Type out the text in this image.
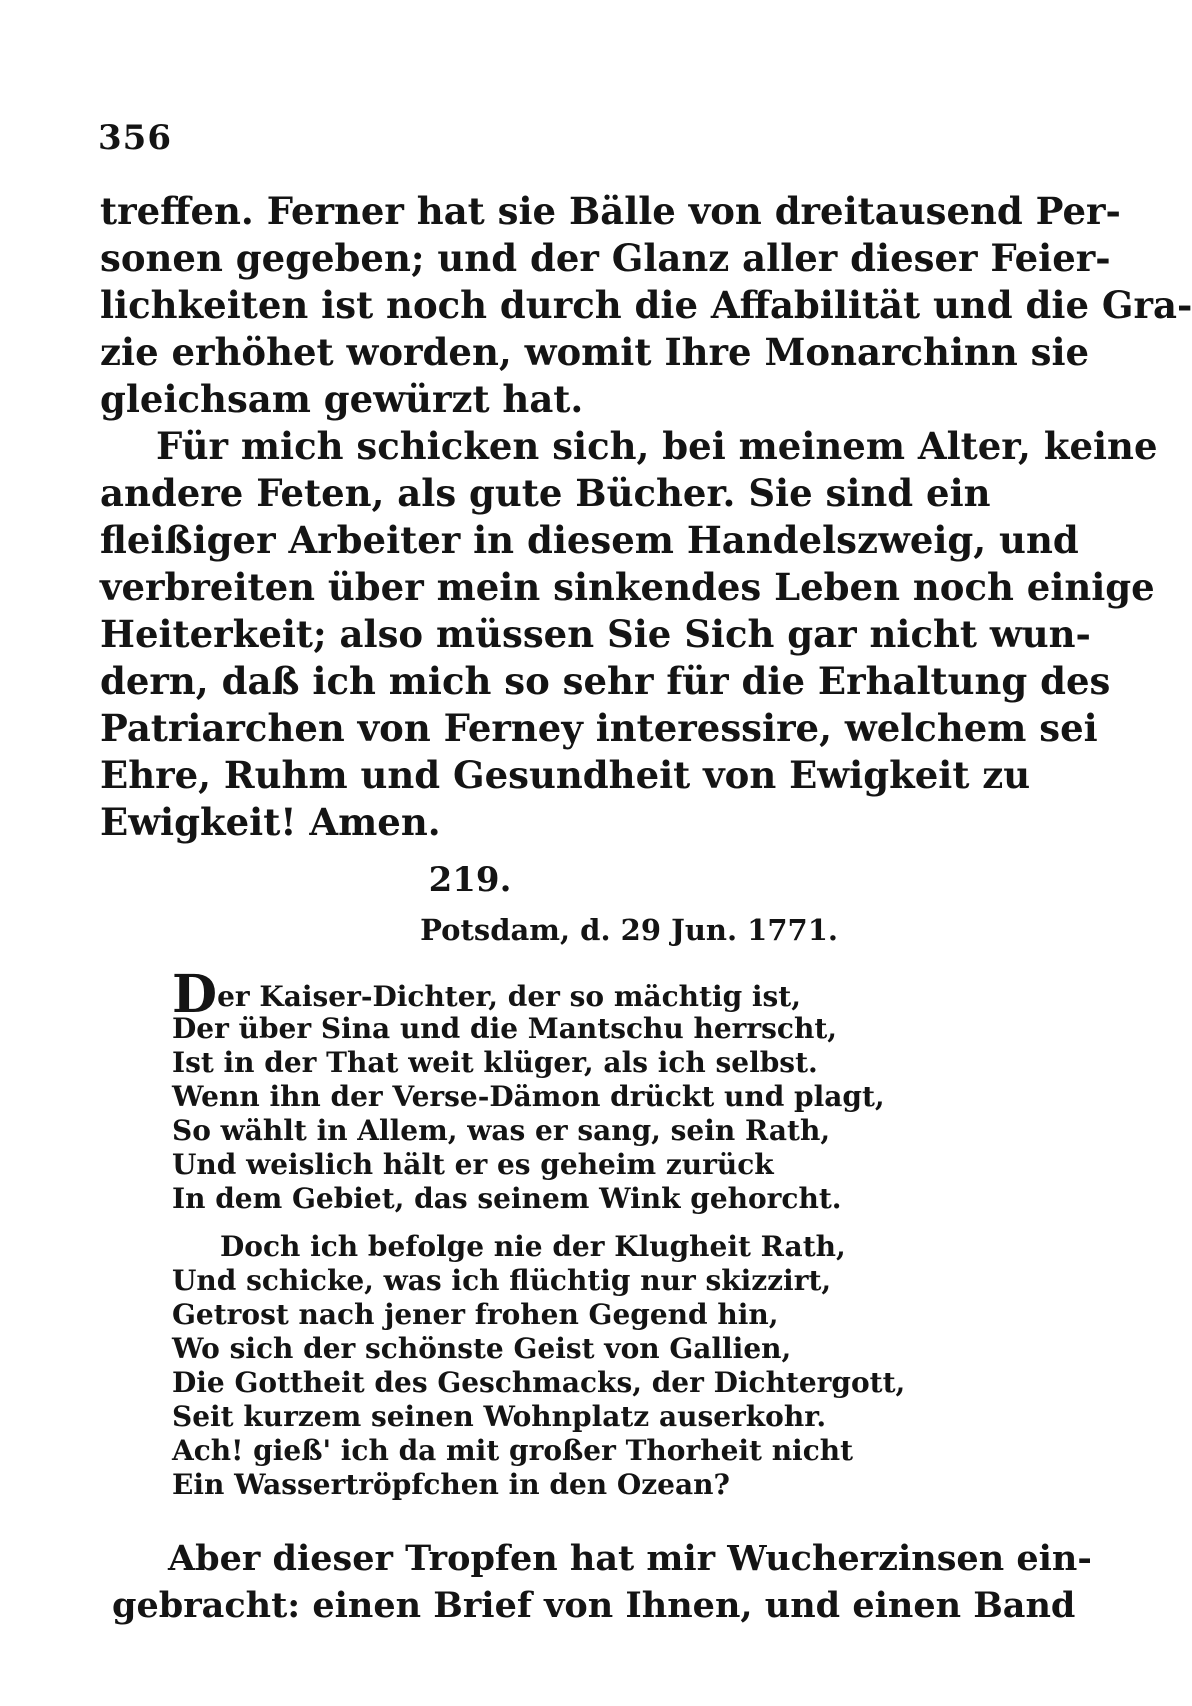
356
treffen. Ferner hat sie Bälle von dreitausend Per-
sonen gegeben; und der Glanz aller dieser Feier-
lichkeiten ist noch durch die Affabilität und die Gra-
zie erhöhet worden, womit Ihre Monarchinn sie
gleichsam gewürzt hat.
Für mich schicken sich, bei meinem Alter, keine
andere Feten, als gute Bücher. Sie sind ein
fleißiger Arbeiter in diesem Handelszweig, und
verbreiten über mein sinkendes Leben noch einige
Heiterkeit; also müssen Sie Sich gar nicht wun-
dern, daß ich mich so sehr für die Erhaltung des
Patriarchen von Ferney interessire, welchem sei
Ehre, Ruhm und Gesundheit von Ewigkeit zu
Ewigkeit! Amen.
219.
Potsdam, d. 29 Jun. 1771.
Der Kaiser-Dichter, der so mächtig ist,
Der über Sina und die Mantschu herrscht,
Ist in der That weit klüger, als ich selbst.
Wenn ihn der Verse-Dämon drückt und plagt,
So wählt in Allem, was er sang, sein Rath,
Und weislich hält er es geheim zurück
In dem Gebiet, das seinem Wink gehorcht.
Doch ich befolge nie der Klugheit Rath,
Und schicke, was ich flüchtig nur skizzirt,
Getrost nach jener frohen Gegend hin,
Wo sich der schönste Geist von Gallien,
Die Gottheit des Geschmacks, der Dichtergott,
Seit kurzem seinen Wohnplatz auserkohr.
Ach! gieß' ich da mit großer Thorheit nicht
Ein Wassertröpfchen in den Ozean?
Aber dieser Tropfen hat mir Wucherzinsen ein-
gebracht: einen Brief von Ihnen, und einen Band
